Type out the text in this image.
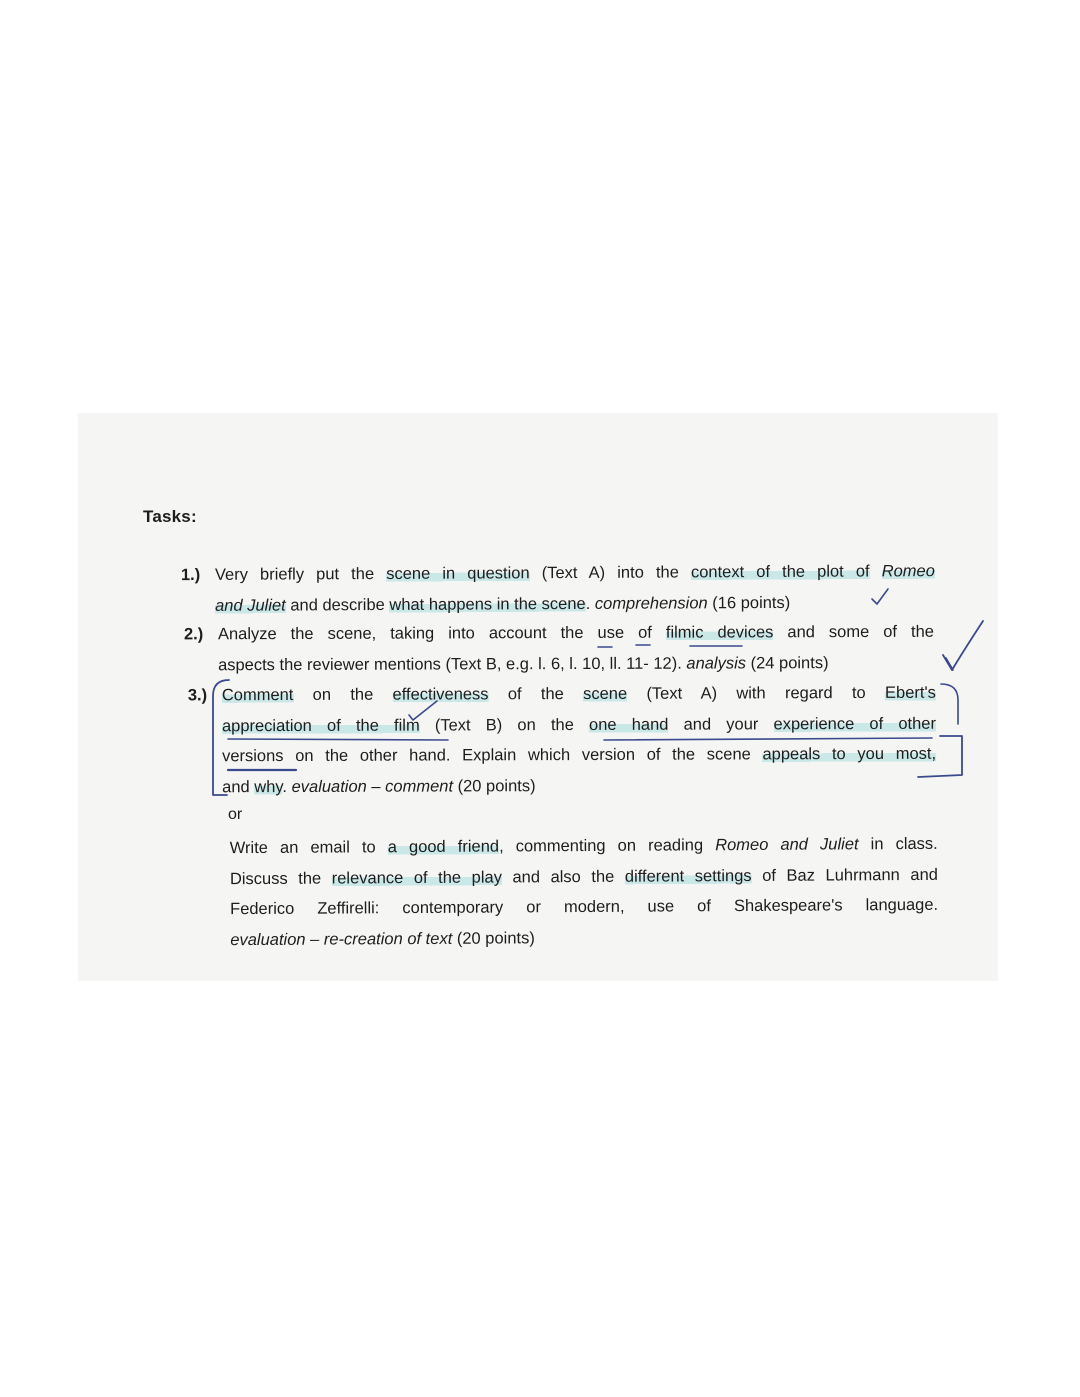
Tasks:
1.) Very briefly put the scene in question (Text A) into the context of the plot of Romeo
and Juliet and describe what happens in the scene. comprehension (16 points)
2.) Analyze the scene, taking into account the use of filmic devices and some of the
aspects the reviewer mentions (Text B, e.g. l. 6, l. 10, ll. 11- 12). analysis (24 points)
3.) Comment on the effectiveness of the scene (Text A) with regard to Ebert's
appreciation of the film (Text B) on the one hand and your experience of other
versions on the other hand. Explain which version of the scene appeals to you most,
and why. evaluation – comment (20 points)
or
Write an email to a good friend, commenting on reading Romeo and Juliet in class.
Discuss the relevance of the play and also the different settings of Baz Luhrmann and
Federico Zeffirelli: contemporary or modern, use of Shakespeare's language.
evaluation – re-creation of text (20 points)
